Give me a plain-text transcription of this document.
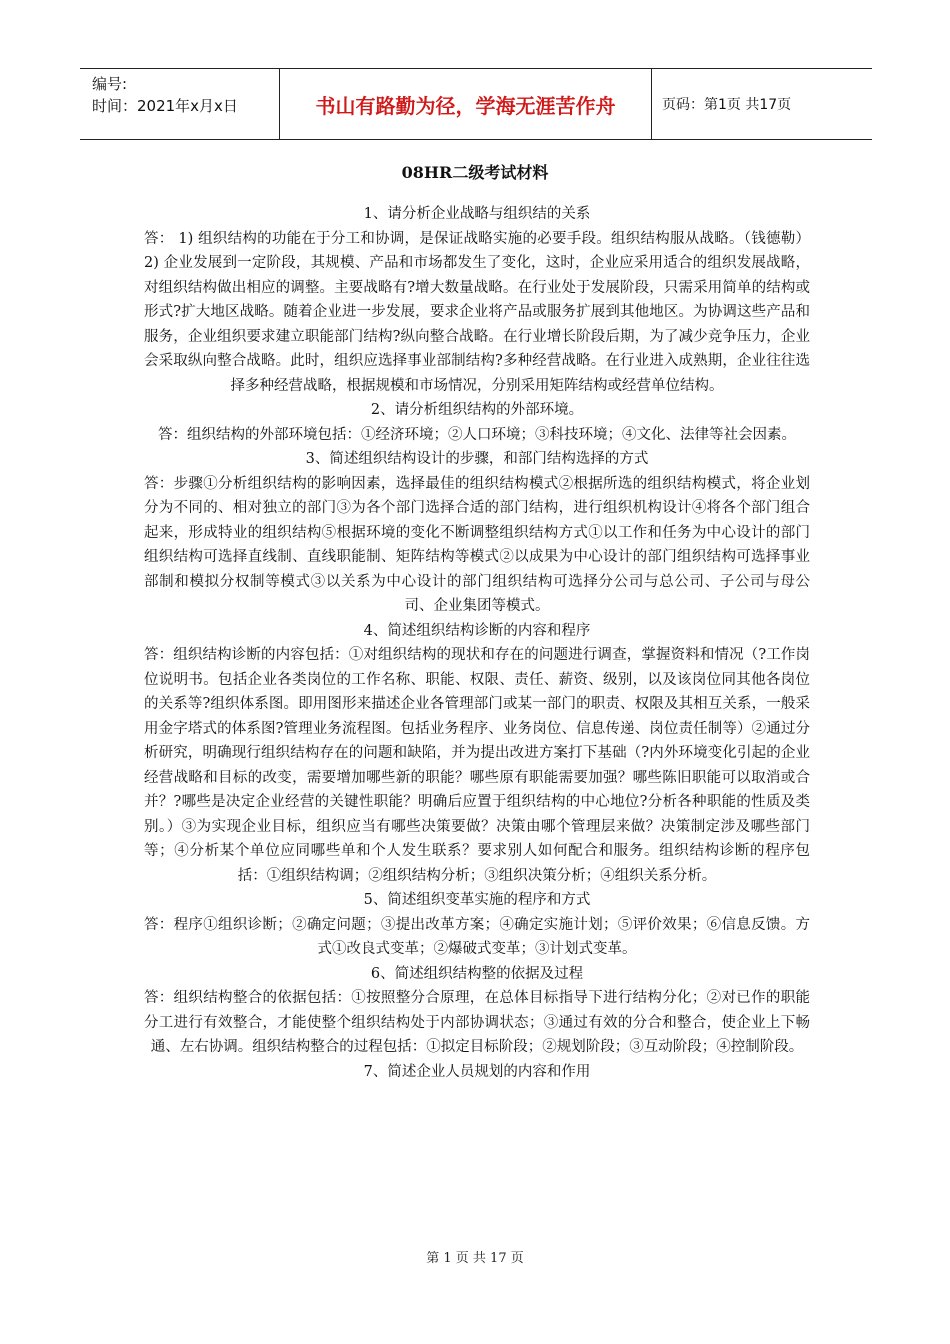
编号:
时间：2021年x月x日	书山有路勤为径，学海无涯苦作舟	页码：第1页 共17页
08HR二级考试材料

1、请分析企业战略与组织结的关系

答： 1) 组织结构的功能在于分工和协调，是保证战略实施的必要手段。组织结构服从战略。（钱德勒）2) 企业发展到一定阶段，其规模、产品和市场都发生了变化，这时，企业应采用适合的组织发展战略，对组织结构做出相应的调整。主要战略有?增大数量战略。在行业处于发展阶段，只需采用简单的结构或形式?扩大地区战略。随着企业进一步发展，要求企业将产品或服务扩展到其他地区。为协调这些产品和服务，企业组织要求建立职能部门结构?纵向整合战略。在行业增长阶段后期，为了减少竞争压力，企业会采取纵向整合战略。此时，组织应选择事业部制结构?多种经营战略。在行业进入成熟期，企业往往选择多种经营战略，根据规模和市场情况，分别采用矩阵结构或经营单位结构。

2、请分析组织结构的外部环境。

答：组织结构的外部环境包括：①经济环境；②人口环境；③科技环境；④文化、法律等社会因素。

3、简述组织结构设计的步骤，和部门结构选择的方式

答：步骤①分析组织结构的影响因素，选择最佳的组织结构模式②根据所选的组织结构模式，将企业划分为不同的、相对独立的部门③为各个部门选择合适的部门结构，进行组织机构设计④将各个部门组合起来，形成特业的组织结构⑤根据环境的变化不断调整组织结构方式①以工作和任务为中心设计的部门组织结构可选择直线制、直线职能制、矩阵结构等模式②以成果为中心设计的部门组织结构可选择事业部制和模拟分权制等模式③以关系为中心设计的部门组织结构可选择分公司与总公司、子公司与母公司、企业集团等模式。

4、简述组织结构诊断的内容和程序

答：组织结构诊断的内容包括：①对组织结构的现状和存在的问题进行调查，掌握资料和情况（?工作岗位说明书。包括企业各类岗位的工作名称、职能、权限、责任、薪资、级别，以及该岗位同其他各岗位的关系等?组织体系图。即用图形来描述企业各管理部门或某一部门的职责、权限及其相互关系，一般采用金字塔式的体系图?管理业务流程图。包括业务程序、业务岗位、信息传递、岗位责任制等）②通过分析研究，明确现行组织结构存在的问题和缺陷，并为提出改进方案打下基础（?内外环境变化引起的企业经营战略和目标的改变，需要增加哪些新的职能？哪些原有职能需要加强？哪些陈旧职能可以取消或合并？?哪些是决定企业经营的关键性职能？明确后应置于组织结构的中心地位?分析各种职能的性质及类别。）③为实现企业目标，组织应当有哪些决策要做？决策由哪个管理层来做？决策制定涉及哪些部门等；④分析某个单位应同哪些单和个人发生联系？要求别人如何配合和服务。组织结构诊断的程序包括：①组织结构调；②组织结构分析；③组织决策分析；④组织关系分析。

5、简述组织变革实施的程序和方式

答：程序①组织诊断；②确定问题；③提出改革方案；④确定实施计划；⑤评价效果；⑥信息反馈。方式①改良式变革；②爆破式变革；③计划式变革。

6、简述组织结构整的依据及过程

答：组织结构整合的依据包括：①按照整分合原理，在总体目标指导下进行结构分化；②对已作的职能分工进行有效整合，才能使整个组织结构处于内部协调状态；③通过有效的分合和整合，使企业上下畅通、左右协调。组织结构整合的过程包括：①拟定目标阶段；②规划阶段；③互动阶段；④控制阶段。

7、简述企业人员规划的内容和作用

第 1 页 共 17 页
